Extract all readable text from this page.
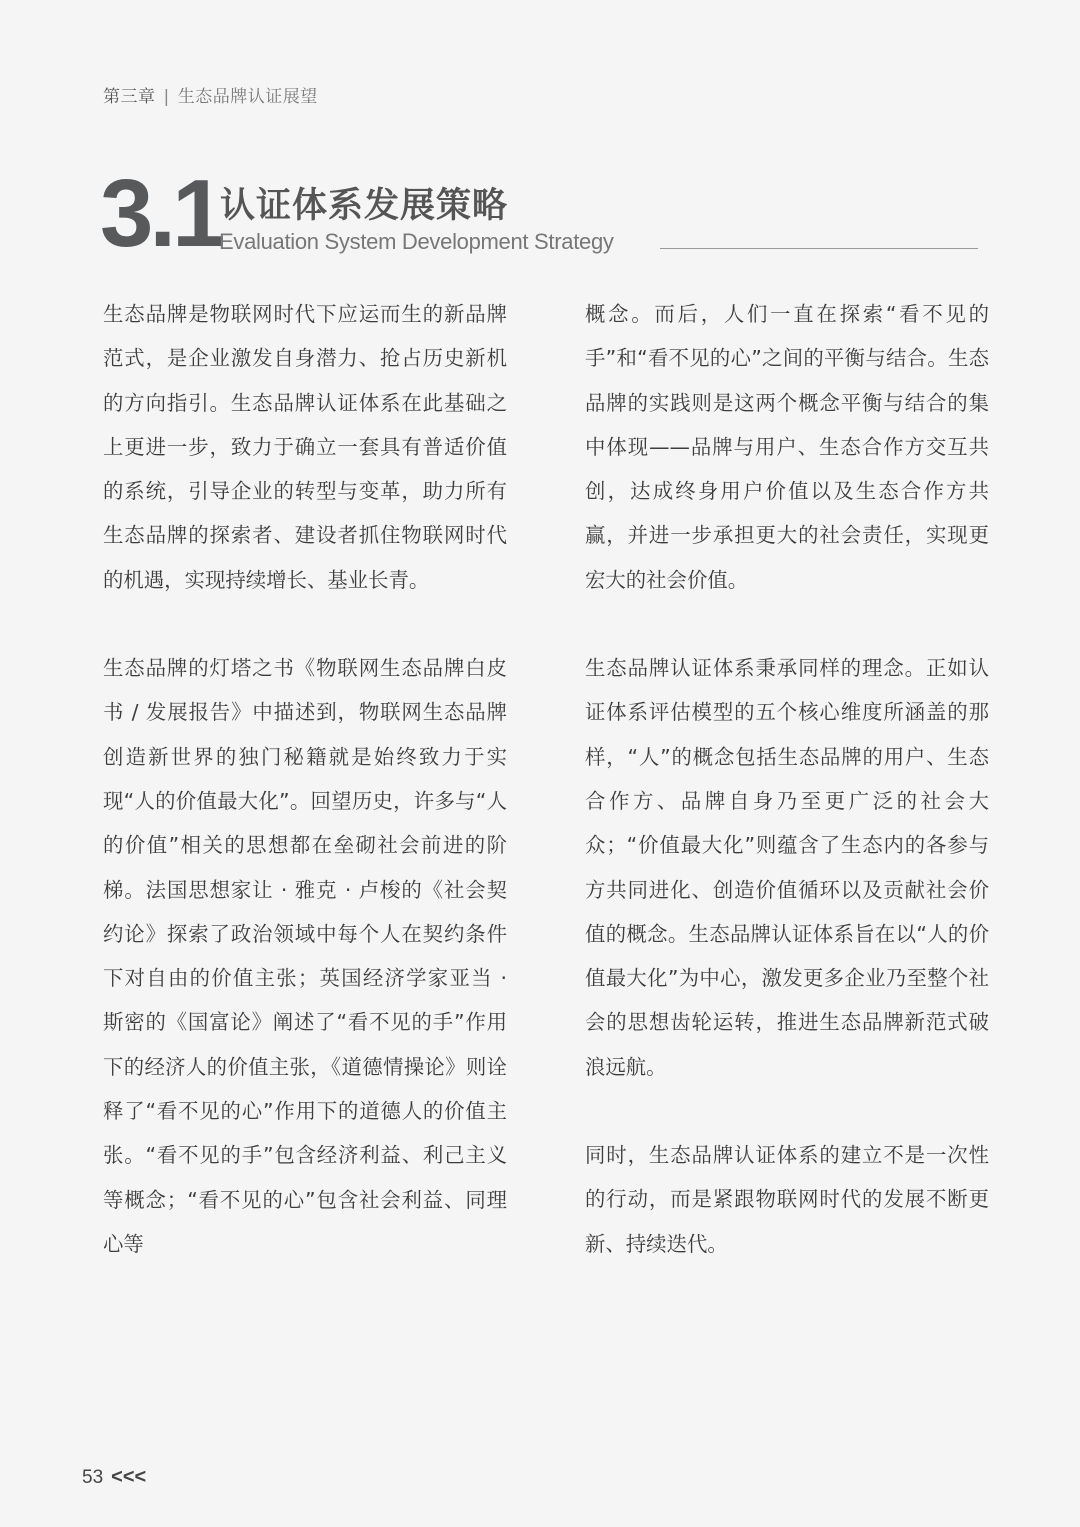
第三章 | 生态品牌认证展望
3.1
认证体系发展策略
Evaluation System Development Strategy

生态品牌是物联网时代下应运而生的新品牌范式，是企业激发自身潜力、抢占历史新机的方向指引。生态品牌认证体系在此基础之上更进一步，致力于确立一套具有普适价值的系统，引导企业的转型与变革，助力所有生态品牌的探索者、建设者抓住物联网时代的机遇，实现持续增长、基业长青。

生态品牌的灯塔之书《物联网生态品牌白皮书 / 发展报告》中描述到，物联网生态品牌创造新世界的独门秘籍就是始终致力于实现“人的价值最大化”。回望历史，许多与“人的价值”相关的思想都在垒砌社会前进的阶梯。法国思想家让 · 雅克 · 卢梭的《社会契约论》探索了政治领域中每个人在契约条件下对自由的价值主张；英国经济学家亚当 · 斯密的《国富论》阐述了“看不见的手”作用下的经济人的价值主张，《道德情操论》则诠释了“看不见的心”作用下的道德人的价值主张。“看不见的手”包含经济利益、利己主义等概念；“看不见的心”包含社会利益、同理心等

概念。而后，人们一直在探索“看不见的手”和“看不见的心”之间的平衡与结合。生态品牌的实践则是这两个概念平衡与结合的集中体现——品牌与用户、生态合作方交互共创，达成终身用户价值以及生态合作方共赢，并进一步承担更大的社会责任，实现更宏大的社会价值。

生态品牌认证体系秉承同样的理念。正如认证体系评估模型的五个核心维度所涵盖的那样，“人”的概念包括生态品牌的用户、生态合作方、品牌自身乃至更广泛的社会大众；“价值最大化”则蕴含了生态内的各参与方共同进化、创造价值循环以及贡献社会价值的概念。生态品牌认证体系旨在以“人的价值最大化”为中心，激发更多企业乃至整个社会的思想齿轮运转，推进生态品牌新范式破浪远航。

同时，生态品牌认证体系的建立不是一次性的行动，而是紧跟物联网时代的发展不断更新、持续迭代。

53 <<<
